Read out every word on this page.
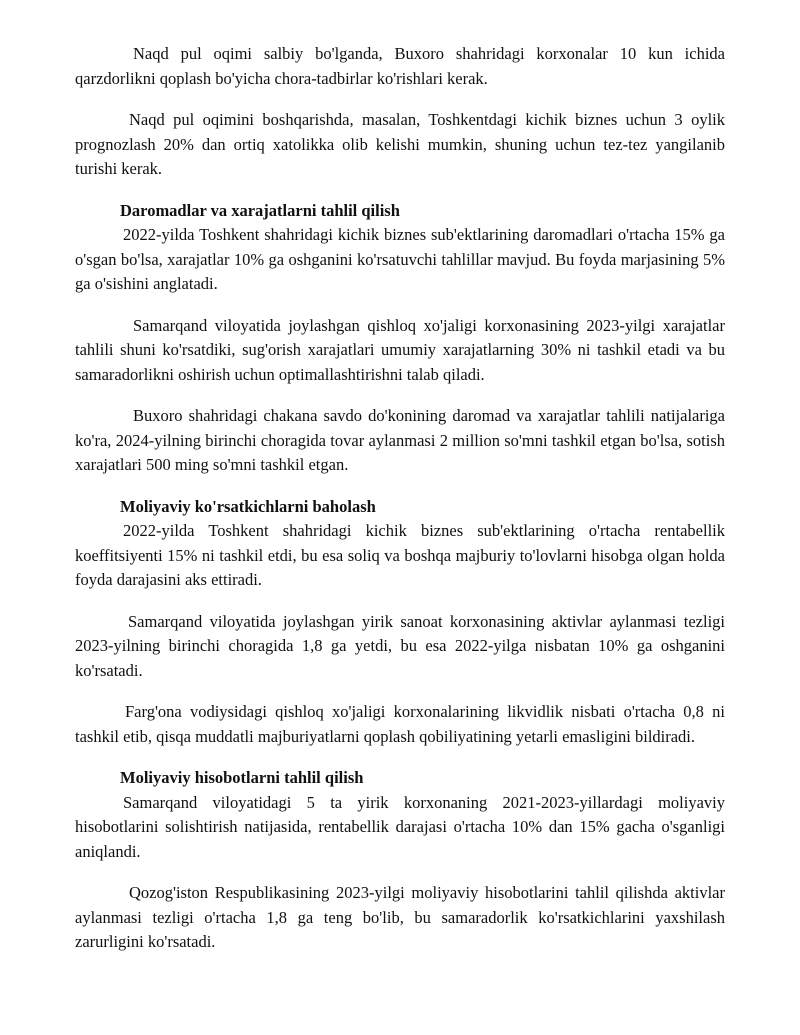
Naqd pul oqimi salbiy bo'lganda, Buxoro shahridagi korxonalar 10 kun ichida qarzdorlikni qoplash bo'yicha chora-tadbirlar ko'rishlari kerak.

Naqd pul oqimini boshqarishda, masalan, Toshkentdagi kichik biznes uchun 3 oylik prognozlash 20% dan ortiq xatolikka olib kelishi mumkin, shuning uchun tez-tez yangilanib turishi kerak.

Daromadlar va xarajatlarni tahlil qilish

2022-yilda Toshkent shahridagi kichik biznes sub'ektlarining daromadlari o'rtacha 15% ga o'sgan bo'lsa, xarajatlar 10% ga oshganini ko'rsatuvchi tahlillar mavjud. Bu foyda marjasining 5% ga o'sishini anglatadi.

Samarqand viloyatida joylashgan qishloq xo'jaligi korxonasining 2023-yilgi xarajatlar tahlili shuni ko'rsatdiki, sug'orish xarajatlari umumiy xarajatlarning 30% ni tashkil etadi va bu samaradorlikni oshirish uchun optimallashtirishni talab qiladi.

Buxoro shahridagi chakana savdo do'konining daromad va xarajatlar tahlili natijalariga ko'ra, 2024-yilning birinchi choragida tovar aylanmasi 2 million so'mni tashkil etgan bo'lsa, sotish xarajatlari 500 ming so'mni tashkil etgan.

Moliyaviy ko'rsatkichlarni baholash

2022-yilda Toshkent shahridagi kichik biznes sub'ektlarining o'rtacha rentabellik koeffitsiyenti 15% ni tashkil etdi, bu esa soliq va boshqa majburiy to'lovlarni hisobga olgan holda foyda darajasini aks ettiradi.

Samarqand viloyatida joylashgan yirik sanoat korxonasining aktivlar aylanmasi tezligi 2023-yilning birinchi choragida 1,8 ga yetdi, bu esa 2022-yilga nisbatan 10% ga oshganini ko'rsatadi.

Farg'ona vodiysidagi qishloq xo'jaligi korxonalarining likvidlik nisbati o'rtacha 0,8 ni tashkil etib, qisqa muddatli majburiyatlarni qoplash qobiliyatining yetarli emasligini bildiradi.

Moliyaviy hisobotlarni tahlil qilish

Samarqand viloyatidagi 5 ta yirik korxonaning 2021-2023-yillardagi moliyaviy hisobotlarini solishtirish natijasida, rentabellik darajasi o'rtacha 10% dan 15% gacha o'sganligi aniqlandi.

Qozog'iston Respublikasining 2023-yilgi moliyaviy hisobotlarini tahlil qilishda aktivlar aylanmasi tezligi o'rtacha 1,8 ga teng bo'lib, bu samaradorlik ko'rsatkichlarini yaxshilash zarurligini ko'rsatadi.
